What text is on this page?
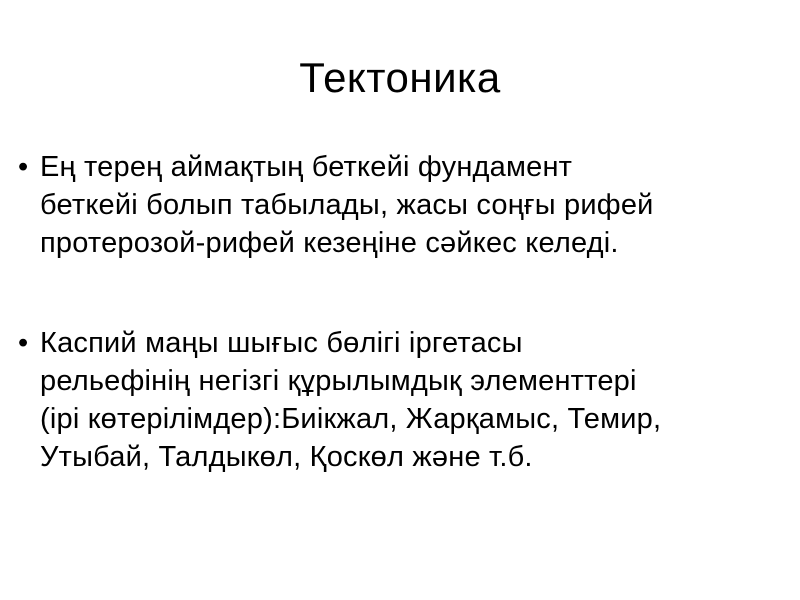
Тектоника
• Ең терең аймақтың беткейі фундамент
беткейі болып табылады, жасы соңғы рифей
протерозой-рифей кезеңіне сәйкес келеді.
• Каспий маңы шығыс бөлігі іргетасы
рельефінің негізгі құрылымдық элементтері
(ірі көтерілімдер):Биікжал, Жарқамыс, Темир,
Утыбай, Талдыкөл, Қоскөл және т.б.
